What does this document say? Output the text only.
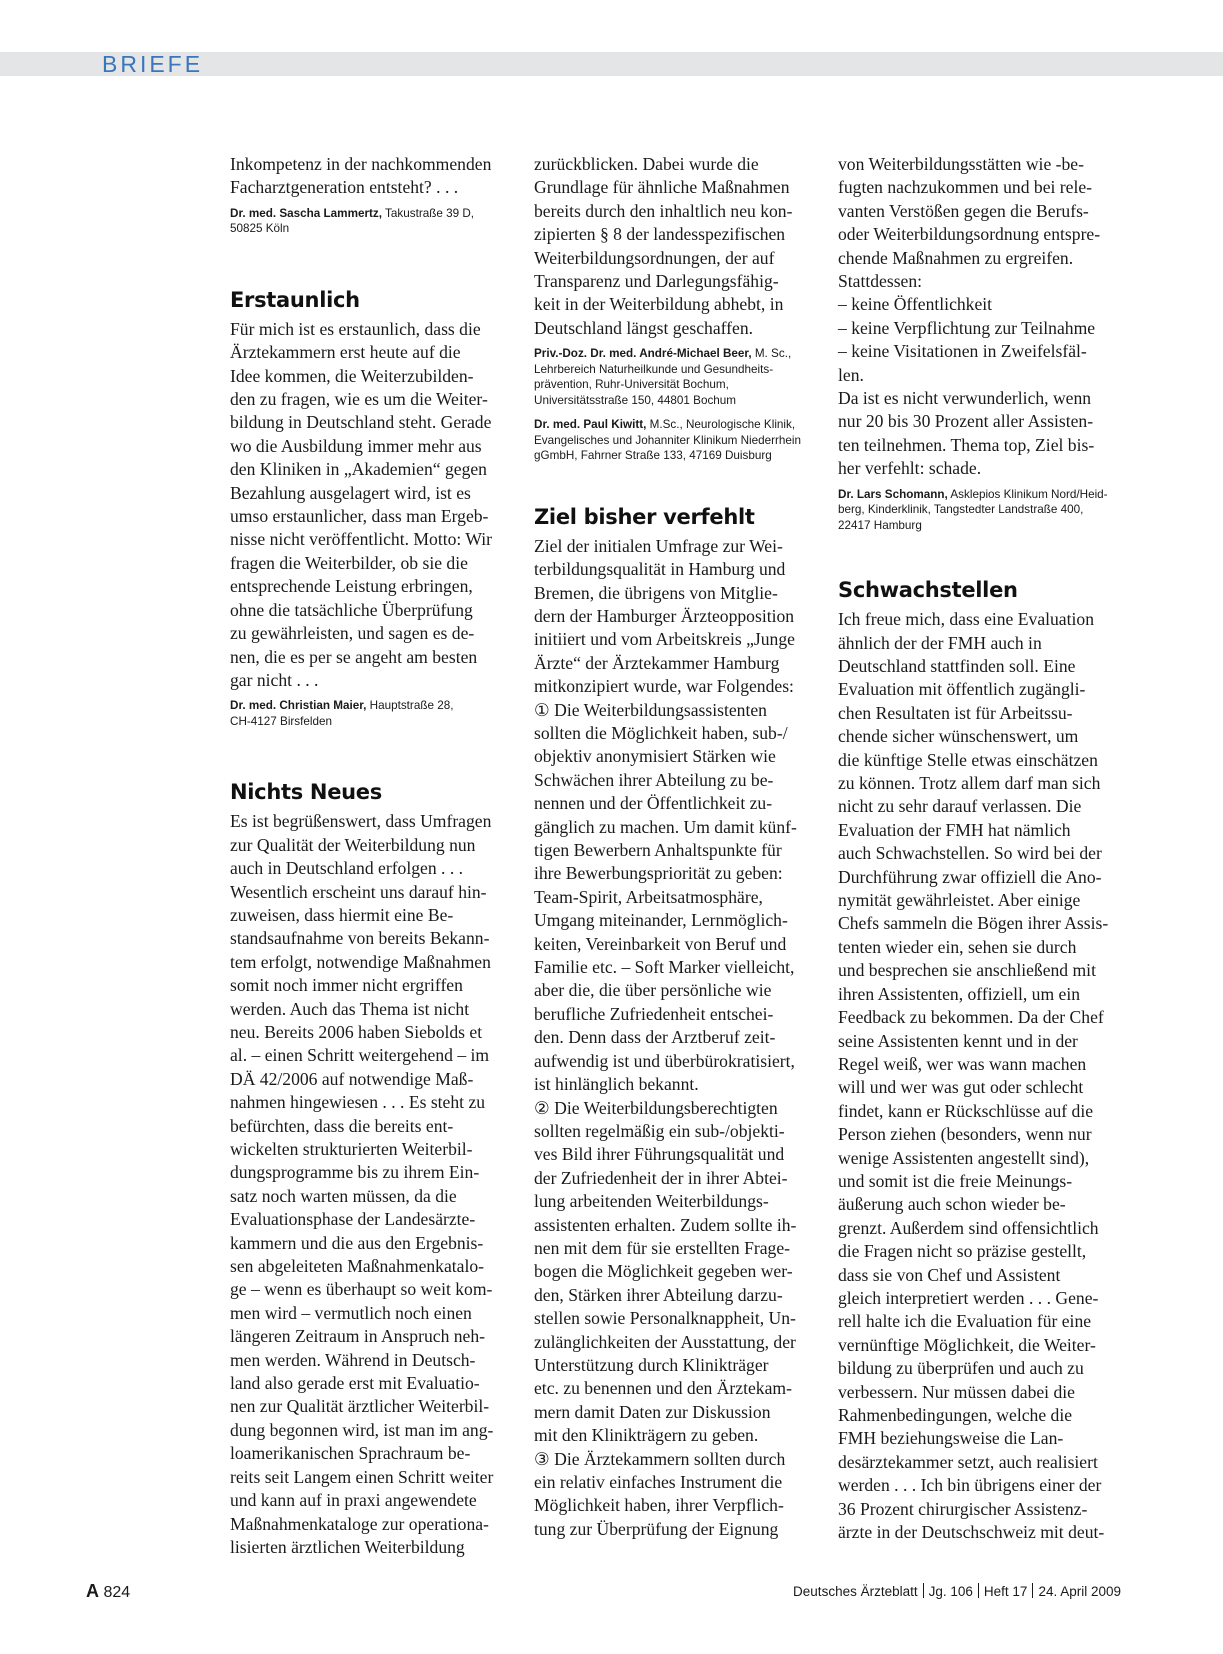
BRIEFE

Inkompetenz in der nachkommenden

Facharztgeneration entsteht? . . .

Dr. med. Sascha Lammertz, Takustraße 39 D,
50825 Köln
Erstaunlich

Für mich ist es erstaunlich, dass die

Ärztekammern erst heute auf die

Idee kommen, die Weiterzubilden-

den zu fragen, wie es um die Weiter-

bildung in Deutschland steht. Gerade

wo die Ausbildung immer mehr aus

den Kliniken in „Akademien“ gegen

Bezahlung ausgelagert wird, ist es

umso erstaunlicher, dass man Ergeb-

nisse nicht veröffentlicht. Motto: Wir

fragen die Weiterbilder, ob sie die

entsprechende Leistung erbringen,

ohne die tatsächliche Überprüfung

zu gewährleisten, und sagen es de-

nen, die es per se angeht am besten

gar nicht . . .

Dr. med. Christian Maier, Hauptstraße 28,
CH-4127 Birsfelden
Nichts Neues

Es ist begrüßenswert, dass Umfragen

zur Qualität der Weiterbildung nun

auch in Deutschland erfolgen . . .

Wesentlich erscheint uns darauf hin-

zuweisen, dass hiermit eine Be-

standsaufnahme von bereits Bekann-

tem erfolgt, notwendige Maßnahmen

somit noch immer nicht ergriffen

werden. Auch das Thema ist nicht

neu. Bereits 2006 haben Siebolds et

al. – einen Schritt weitergehend – im

DÄ 42/2006 auf notwendige Maß-

nahmen hingewiesen . . . Es steht zu

befürchten, dass die bereits ent-

wickelten strukturierten Weiterbil-

dungsprogramme bis zu ihrem Ein-

satz noch warten müssen, da die

Evaluationsphase der Landesärzte-

kammern und die aus den Ergebnis-

sen abgeleiteten Maßnahmenkatalo-

ge – wenn es überhaupt so weit kom-

men wird – vermutlich noch einen

längeren Zeitraum in Anspruch neh-

men werden. Während in Deutsch-

land also gerade erst mit Evaluatio-

nen zur Qualität ärztlicher Weiterbil-

dung begonnen wird, ist man im ang-

loamerikanischen Sprachraum be-

reits seit Langem einen Schritt weiter

und kann auf in praxi angewendete

Maßnahmenkataloge zur operationa-

lisierten ärztlichen Weiterbildung

zurückblicken. Dabei wurde die

Grundlage für ähnliche Maßnahmen

bereits durch den inhaltlich neu kon-

zipierten § 8 der landesspezifischen

Weiterbildungsordnungen, der auf

Transparenz und Darlegungsfähig-

keit in der Weiterbildung abhebt, in

Deutschland längst geschaffen.

Priv.-Doz. Dr. med. André-Michael Beer, M. Sc.,
Lehrbereich Naturheilkunde und Gesundheits-
prävention, Ruhr-Universität Bochum,
Universitätsstraße 150, 44801 Bochum
Dr. med. Paul Kiwitt, M.Sc., Neurologische Klinik,
Evangelisches und Johanniter Klinikum Niederrhein
gGmbH, Fahrner Straße 133, 47169 Duisburg
Ziel bisher verfehlt

Ziel der initialen Umfrage zur Wei-

terbildungsqualität in Hamburg und

Bremen, die übrigens von Mitglie-

dern der Hamburger Ärzteopposition

initiiert und vom Arbeitskreis „Junge

Ärzte“ der Ärztekammer Hamburg

mitkonzipiert wurde, war Folgendes:

① Die Weiterbildungsassistenten

sollten die Möglichkeit haben, sub-/

objektiv anonymisiert Stärken wie

Schwächen ihrer Abteilung zu be-

nennen und der Öffentlichkeit zu-

gänglich zu machen. Um damit künf-

tigen Bewerbern Anhaltspunkte für

ihre Bewerbungspriorität zu geben:

Team-Spirit, Arbeitsatmosphäre,

Umgang miteinander, Lernmöglich-

keiten, Vereinbarkeit von Beruf und

Familie etc. – Soft Marker vielleicht,

aber die, die über persönliche wie

berufliche Zufriedenheit entschei-

den. Denn dass der Arztberuf zeit-

aufwendig ist und überbürokratisiert,

ist hinlänglich bekannt.

② Die Weiterbildungsberechtigten

sollten regelmäßig ein sub-/objekti-

ves Bild ihrer Führungsqualität und

der Zufriedenheit der in ihrer Abtei-

lung arbeitenden Weiterbildungs-

assistenten erhalten. Zudem sollte ih-

nen mit dem für sie erstellten Frage-

bogen die Möglichkeit gegeben wer-

den, Stärken ihrer Abteilung darzu-

stellen sowie Personalknappheit, Un-

zulänglichkeiten der Ausstattung, der

Unterstützung durch Klinikträger

etc. zu benennen und den Ärztekam-

mern damit Daten zur Diskussion

mit den Klinikträgern zu geben.

③ Die Ärztekammern sollten durch

ein relativ einfaches Instrument die

Möglichkeit haben, ihrer Verpflich-

tung zur Überprüfung der Eignung

von Weiterbildungsstätten wie -be-

fugten nachzukommen und bei rele-

vanten Verstößen gegen die Berufs-

oder Weiterbildungsordnung entspre-

chende Maßnahmen zu ergreifen.

Stattdessen:

– keine Öffentlichkeit

– keine Verpflichtung zur Teilnahme

– keine Visitationen in Zweifelsfäl-

len.

Da ist es nicht verwunderlich, wenn

nur 20 bis 30 Prozent aller Assisten-

ten teilnehmen. Thema top, Ziel bis-

her verfehlt: schade.

Dr. Lars Schomann, Asklepios Klinikum Nord/Heid-
berg, Kinderklinik, Tangstedter Landstraße 400,
22417 Hamburg
Schwachstellen

Ich freue mich, dass eine Evaluation

ähnlich der der FMH auch in

Deutschland stattfinden soll. Eine

Evaluation mit öffentlich zugängli-

chen Resultaten ist für Arbeitssu-

chende sicher wünschenswert, um

die künftige Stelle etwas einschätzen

zu können. Trotz allem darf man sich

nicht zu sehr darauf verlassen. Die

Evaluation der FMH hat nämlich

auch Schwachstellen. So wird bei der

Durchführung zwar offiziell die Ano-

nymität gewährleistet. Aber einige

Chefs sammeln die Bögen ihrer Assis-

tenten wieder ein, sehen sie durch

und besprechen sie anschließend mit

ihren Assistenten, offiziell, um ein

Feedback zu bekommen. Da der Chef

seine Assistenten kennt und in der

Regel weiß, wer was wann machen

will und wer was gut oder schlecht

findet, kann er Rückschlüsse auf die

Person ziehen (besonders, wenn nur

wenige Assistenten angestellt sind),

und somit ist die freie Meinungs-

äußerung auch schon wieder be-

grenzt. Außerdem sind offensichtlich

die Fragen nicht so präzise gestellt,

dass sie von Chef und Assistent

gleich interpretiert werden . . . Gene-

rell halte ich die Evaluation für eine

vernünftige Möglichkeit, die Weiter-

bildung zu überprüfen und auch zu

verbessern. Nur müssen dabei die

Rahmenbedingungen, welche die

FMH beziehungsweise die Lan-

desärztekammer setzt, auch realisiert

werden . . . Ich bin übrigens einer der

36 Prozent chirurgischer Assistenz-

ärzte in der Deutschschweiz mit deut-

A 824	Deutsches Ärzteblatt Jg. 106 Heft 17 24. April 2009
